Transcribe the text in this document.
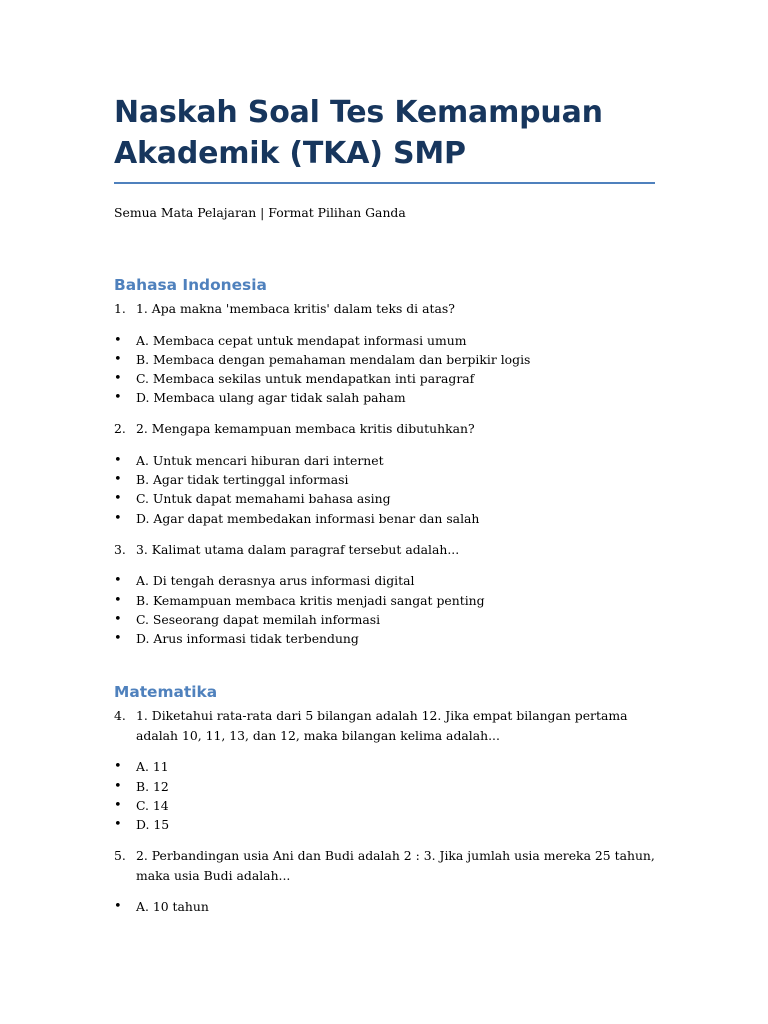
Naskah Soal Tes Kemampuan Akademik (TKA) SMP
Semua Mata Pelajaran | Format Pilihan Ganda
Bahasa Indonesia
1. 1. Apa makna 'membaca kritis' dalam teks di atas?
• A. Membaca cepat untuk mendapat informasi umum
• B. Membaca dengan pemahaman mendalam dan berpikir logis
• C. Membaca sekilas untuk mendapatkan inti paragraf
• D. Membaca ulang agar tidak salah paham
2. 2. Mengapa kemampuan membaca kritis dibutuhkan?
• A. Untuk mencari hiburan dari internet
• B. Agar tidak tertinggal informasi
• C. Untuk dapat memahami bahasa asing
• D. Agar dapat membedakan informasi benar dan salah
3. 3. Kalimat utama dalam paragraf tersebut adalah...
• A. Di tengah derasnya arus informasi digital
• B. Kemampuan membaca kritis menjadi sangat penting
• C. Seseorang dapat memilah informasi
• D. Arus informasi tidak terbendung
Matematika
4. 1. Diketahui rata-rata dari 5 bilangan adalah 12. Jika empat bilangan pertama adalah 10, 11, 13, dan 12, maka bilangan kelima adalah...
• A. 11
• B. 12
• C. 14
• D. 15
5. 2. Perbandingan usia Ani dan Budi adalah 2 : 3. Jika jumlah usia mereka 25 tahun, maka usia Budi adalah...
• A. 10 tahun
